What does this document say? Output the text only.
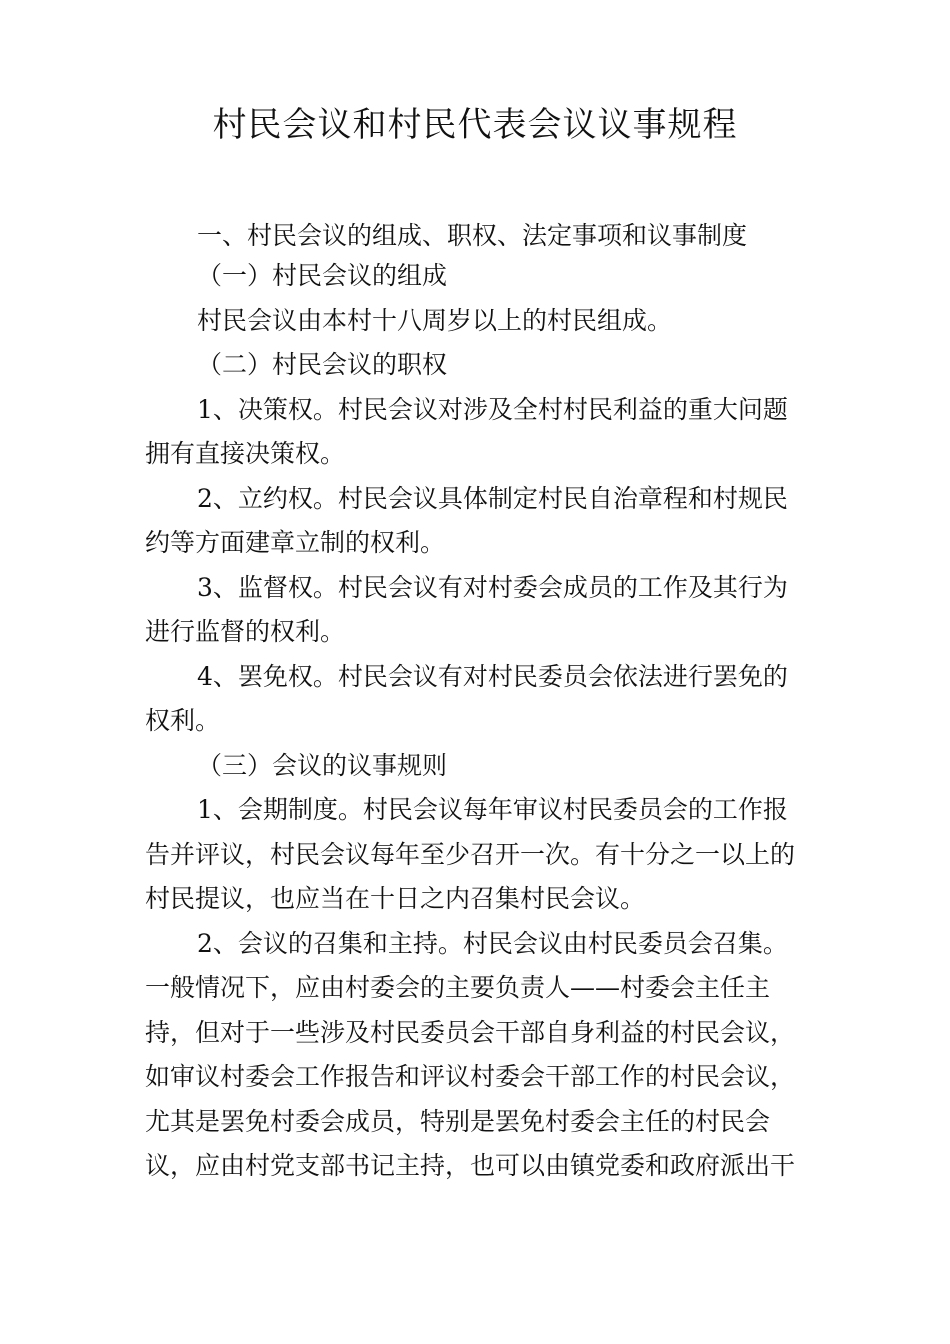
村民会议和村民代表会议议事规程
一、村民会议的组成、职权、法定事项和议事制度
（一）村民会议的组成
村民会议由本村十八周岁以上的村民组成。
（二）村民会议的职权
1、决策权。村民会议对涉及全村村民利益的重大问题
拥有直接决策权。
2、立约权。村民会议具体制定村民自治章程和村规民
约等方面建章立制的权利。
3、监督权。村民会议有对村委会成员的工作及其行为
进行监督的权利。
4、罢免权。村民会议有对村民委员会依法进行罢免的
权利。
（三）会议的议事规则
1、会期制度。村民会议每年审议村民委员会的工作报
告并评议，村民会议每年至少召开一次。有十分之一以上的
村民提议，也应当在十日之内召集村民会议。
2、会议的召集和主持。村民会议由村民委员会召集。
一般情况下，应由村委会的主要负责人——村委会主任主
持，但对于一些涉及村民委员会干部自身利益的村民会议，
如审议村委会工作报告和评议村委会干部工作的村民会议，
尤其是罢免村委会成员，特别是罢免村委会主任的村民会
议，应由村党支部书记主持，也可以由镇党委和政府派出干
